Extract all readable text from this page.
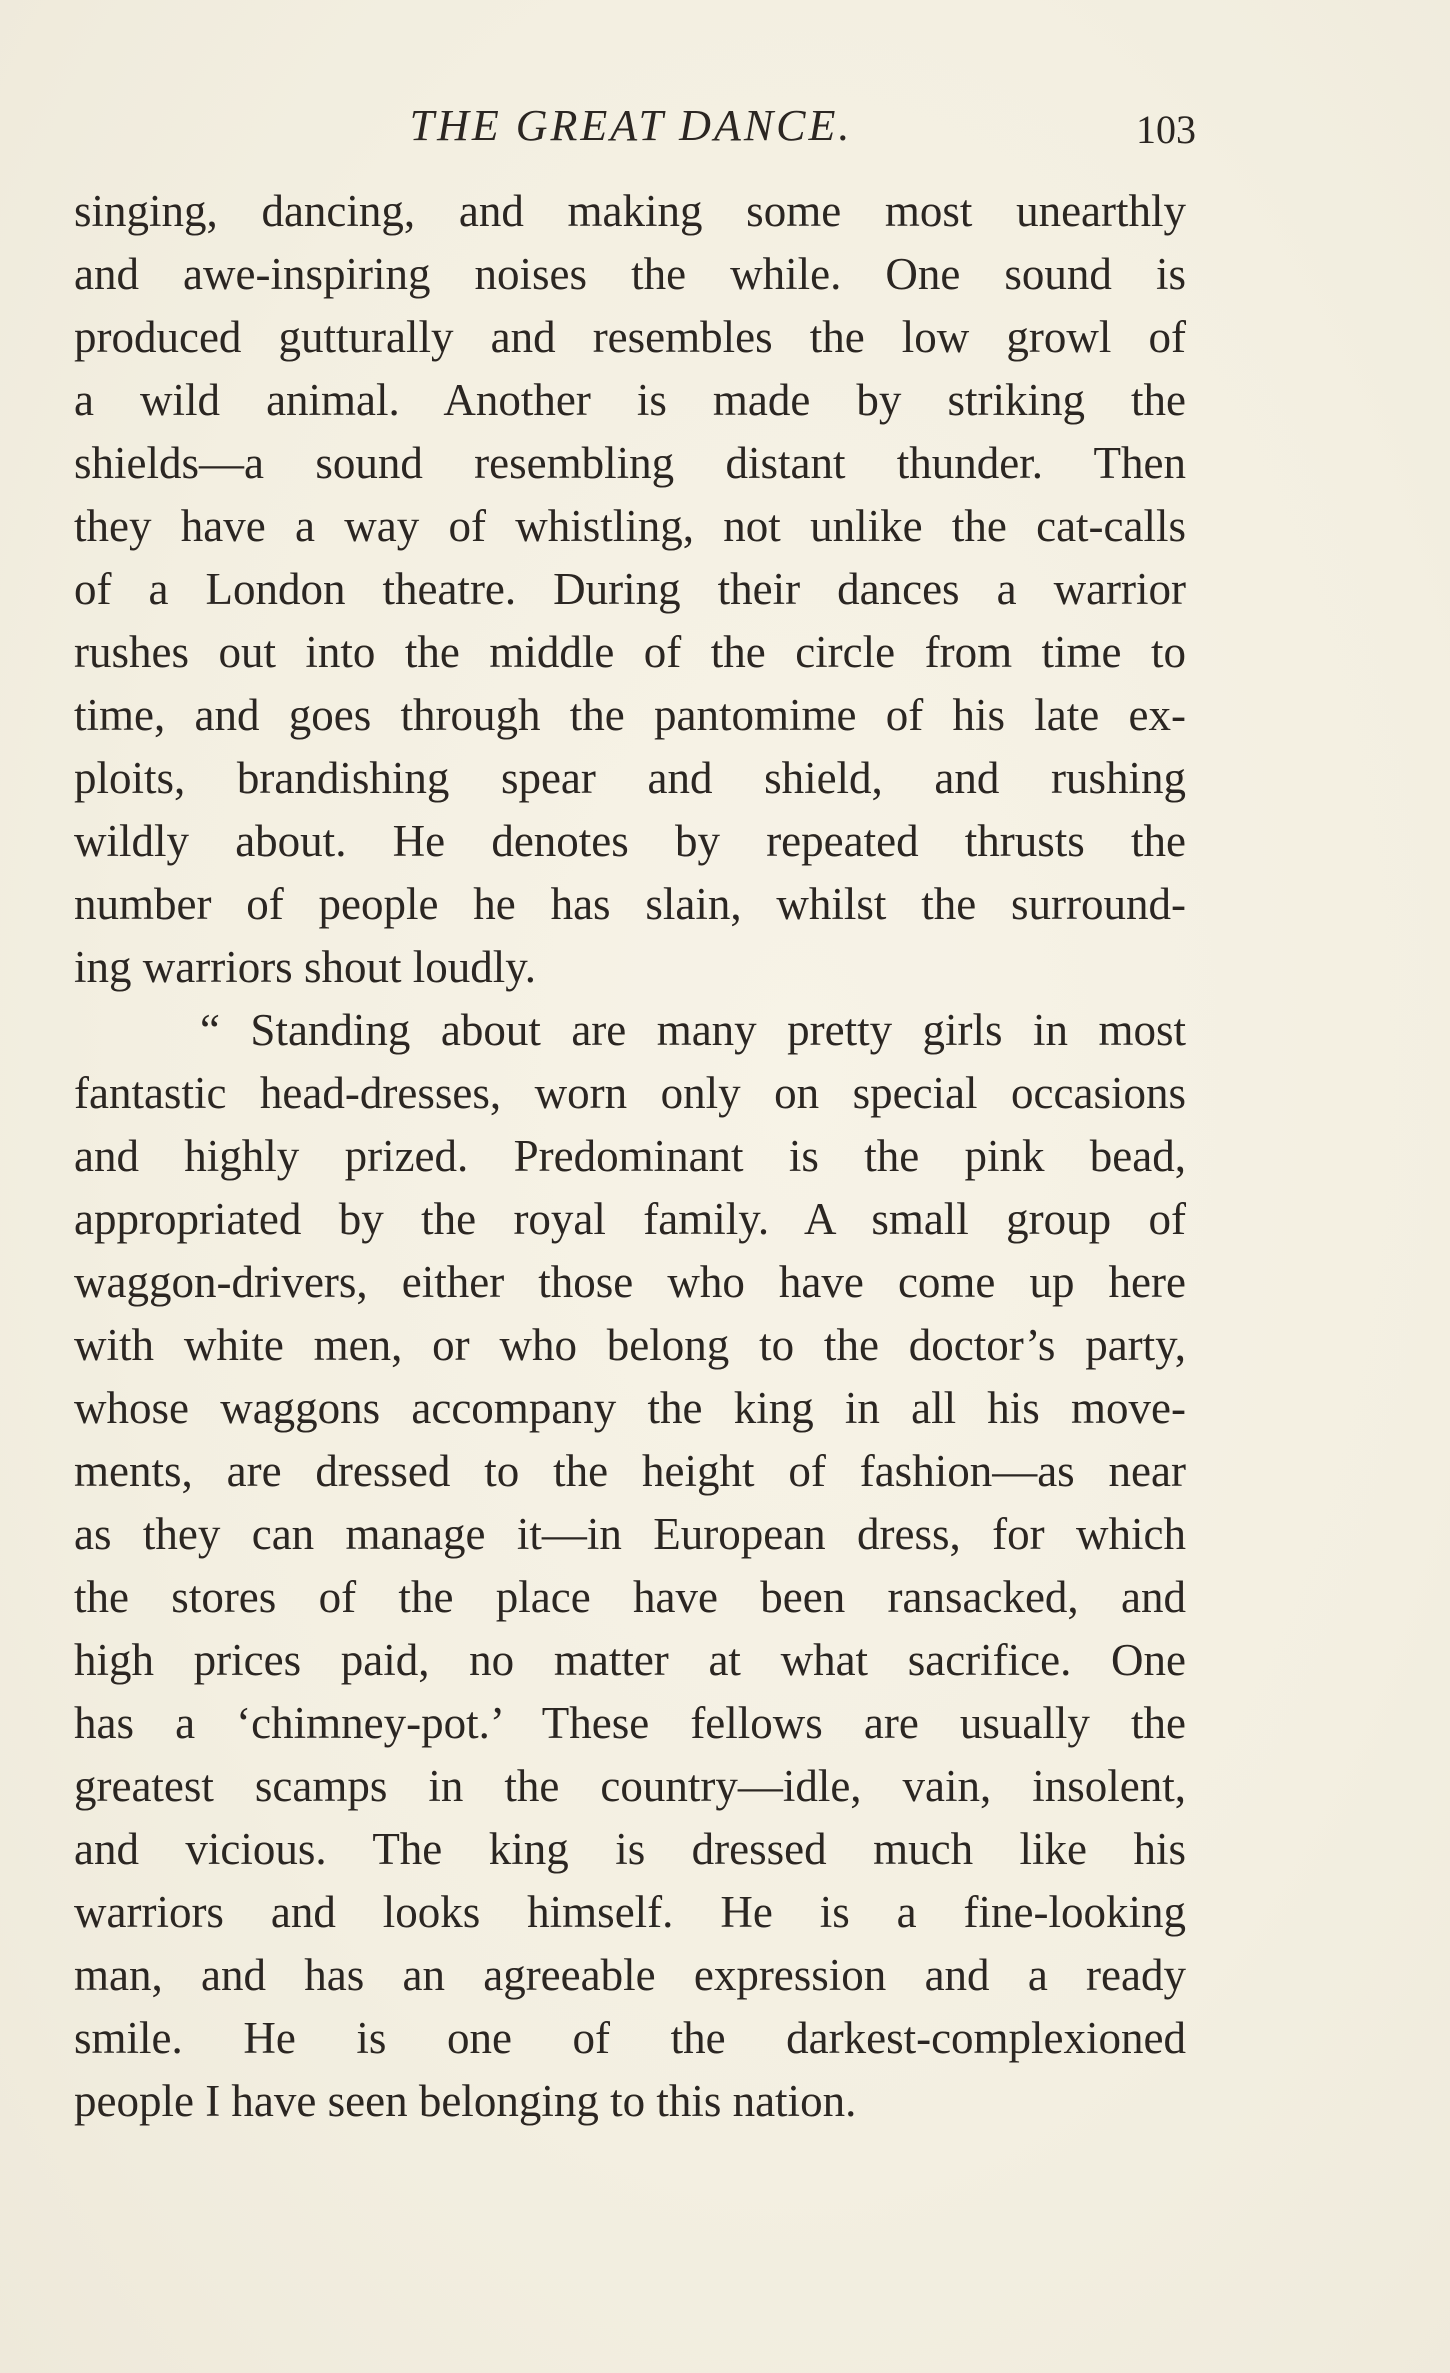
THE GREAT DANCE.	103
singing, dancing, and making some most unearthly
and awe-inspiring noises the while. One sound is
produced gutturally and resembles the low growl of
a wild animal. Another is made by striking the
shields—a sound resembling distant thunder. Then
they have a way of whistling, not unlike the cat-calls
of a London theatre. During their dances a warrior
rushes out into the middle of the circle from time to
time, and goes through the pantomime of his late ex-
ploits, brandishing spear and shield, and rushing
wildly about. He denotes by repeated thrusts the
number of people he has slain, whilst the surround-
ing warriors shout loudly.
“ Standing about are many pretty girls in most
fantastic head-dresses, worn only on special occasions
and highly prized. Predominant is the pink bead,
appropriated by the royal family. A small group of
waggon-drivers, either those who have come up here
with white men, or who belong to the doctor’s party,
whose waggons accompany the king in all his move-
ments, are dressed to the height of fashion—as near
as they can manage it—in European dress, for which
the stores of the place have been ransacked, and
high prices paid, no matter at what sacrifice. One
has a ‘chimney-pot.’ These fellows are usually the
greatest scamps in the country—idle, vain, insolent,
and vicious. The king is dressed much like his
warriors and looks himself. He is a fine-looking
man, and has an agreeable expression and a ready
smile. He is one of the darkest-complexioned
people I have seen belonging to this nation.
